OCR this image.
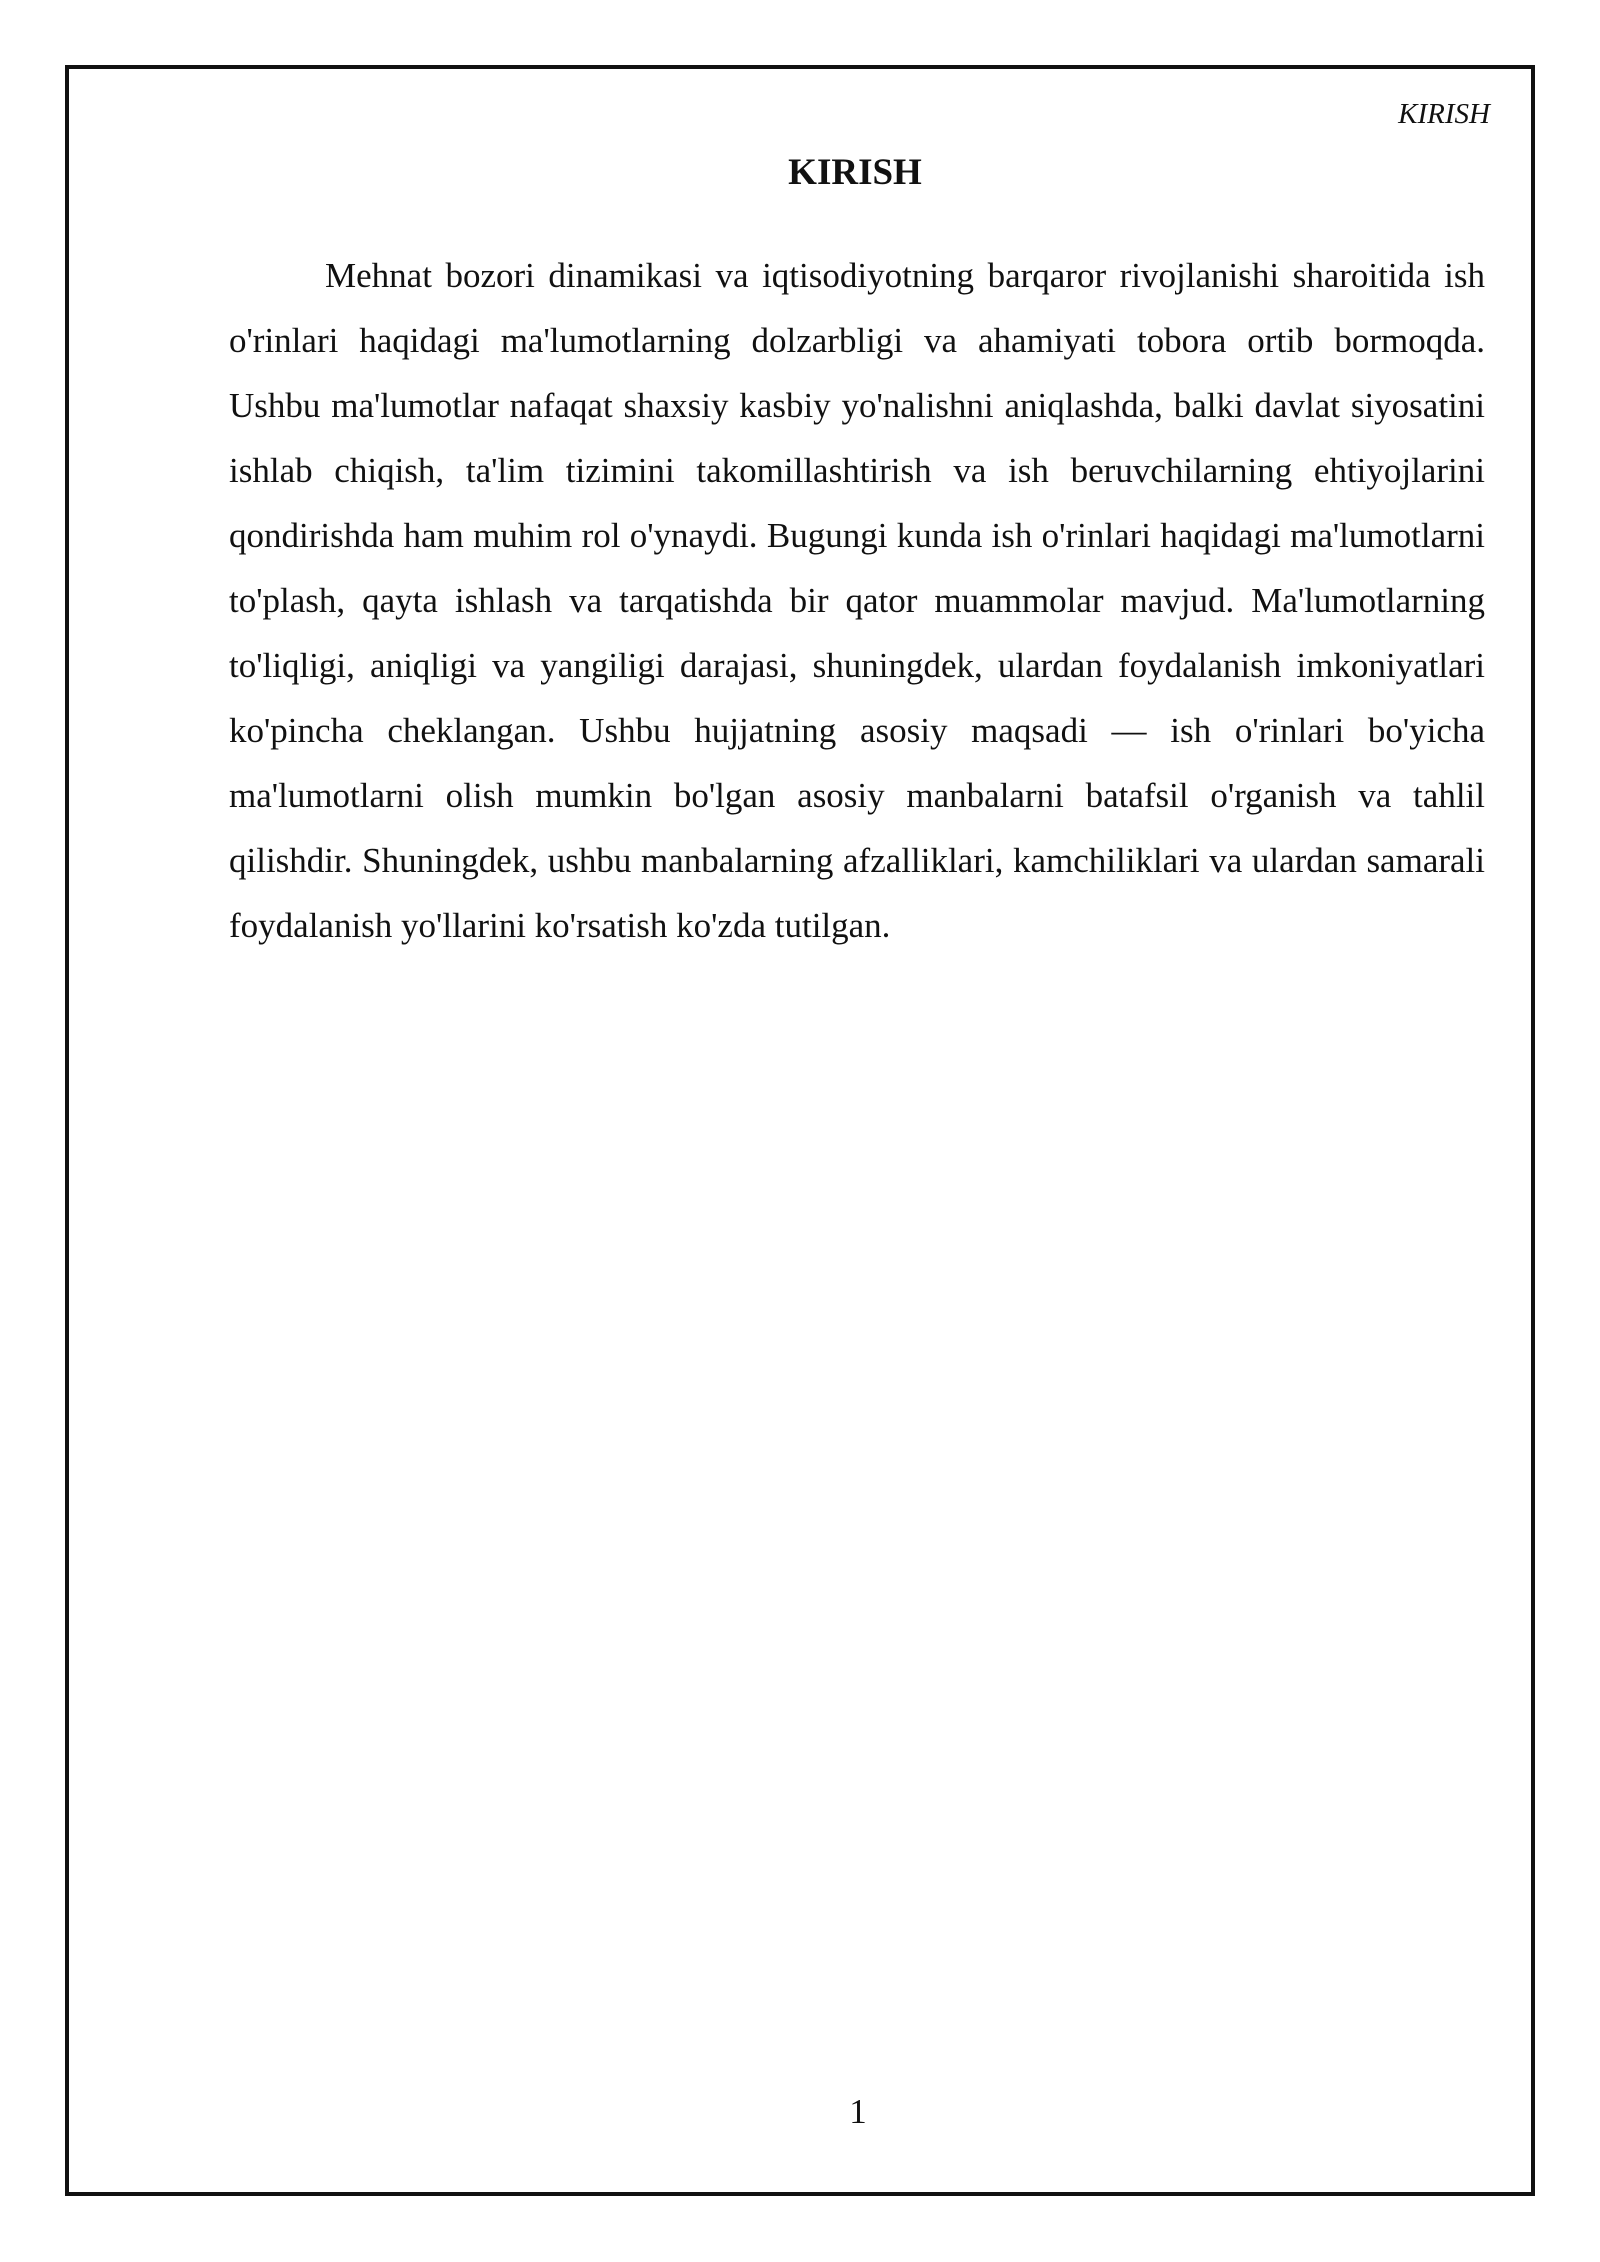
KIRISH
KIRISH

Mehnat bozori dinamikasi va iqtisodiyotning barqaror rivojlanishi sharoitida ish o'rinlari haqidagi ma'lumotlarning dolzarbligi va ahamiyati tobora ortib bormoqda. Ushbu ma'lumotlar nafaqat shaxsiy kasbiy yo'nalishni aniqlashda, balki davlat siyosatini ishlab chiqish, ta'lim tizimini takomillashtirish va ish beruvchilarning ehtiyojlarini qondirishda ham muhim rol o'ynaydi. Bugungi kunda ish o'rinlari haqidagi ma'lumotlarni to'plash, qayta ishlash va tarqatishda bir qator muammolar mavjud. Ma'lumotlarning to'liqligi, aniqligi va yangiligi darajasi, shuningdek, ulardan foydalanish imkoniyatlari ko'pincha cheklangan. Ushbu hujjatning asosiy maqsadi — ish o'rinlari bo'yicha ma'lumotlarni olish mumkin bo'lgan asosiy manbalarni batafsil o'rganish va tahlil qilishdir. Shuningdek, ushbu manbalarning afzalliklari, kamchiliklari va ulardan samarali foydalanish yo'llarini ko'rsatish ko'zda tutilgan.

1
